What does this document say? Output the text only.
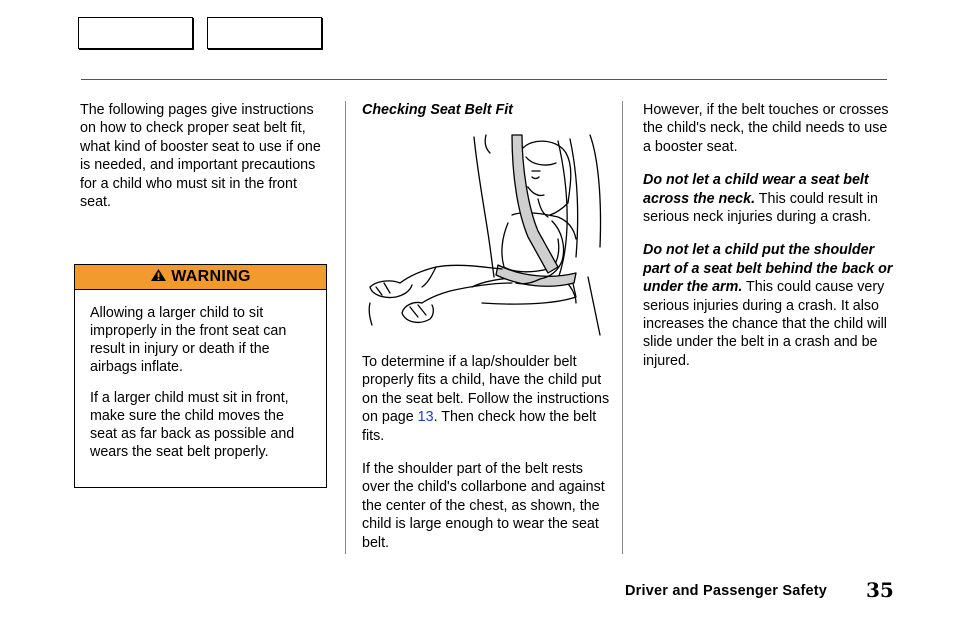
The following pages give instructions on how to check proper seat belt fit, what kind of booster seat to use if one is needed, and important precautions for a child who must sit in the front seat.

WARNING

Allowing a larger child to sit improperly in the front seat can result in injury or death if the airbags inflate.

If a larger child must sit in front, make sure the child moves the seat as far back as possible and wears the seat belt properly.

Checking Seat Belt Fit

To determine if a lap/shoulder belt properly fits a child, have the child put on the seat belt. Follow the instructions on page 13. Then check how the belt fits.

If the shoulder part of the belt rests over the child's collarbone and against the center of the chest, as shown, the child is large enough to wear the seat belt.

However, if the belt touches or crosses the child's neck, the child needs to use a booster seat.

Do not let a child wear a seat belt across the neck. This could result in serious neck injuries during a crash.

Do not let a child put the shoulder part of a seat belt behind the back or under the arm. This could cause very serious injuries during a crash. It also increases the chance that the child will slide under the belt in a crash and be injured.

Driver and Passenger Safety 35
